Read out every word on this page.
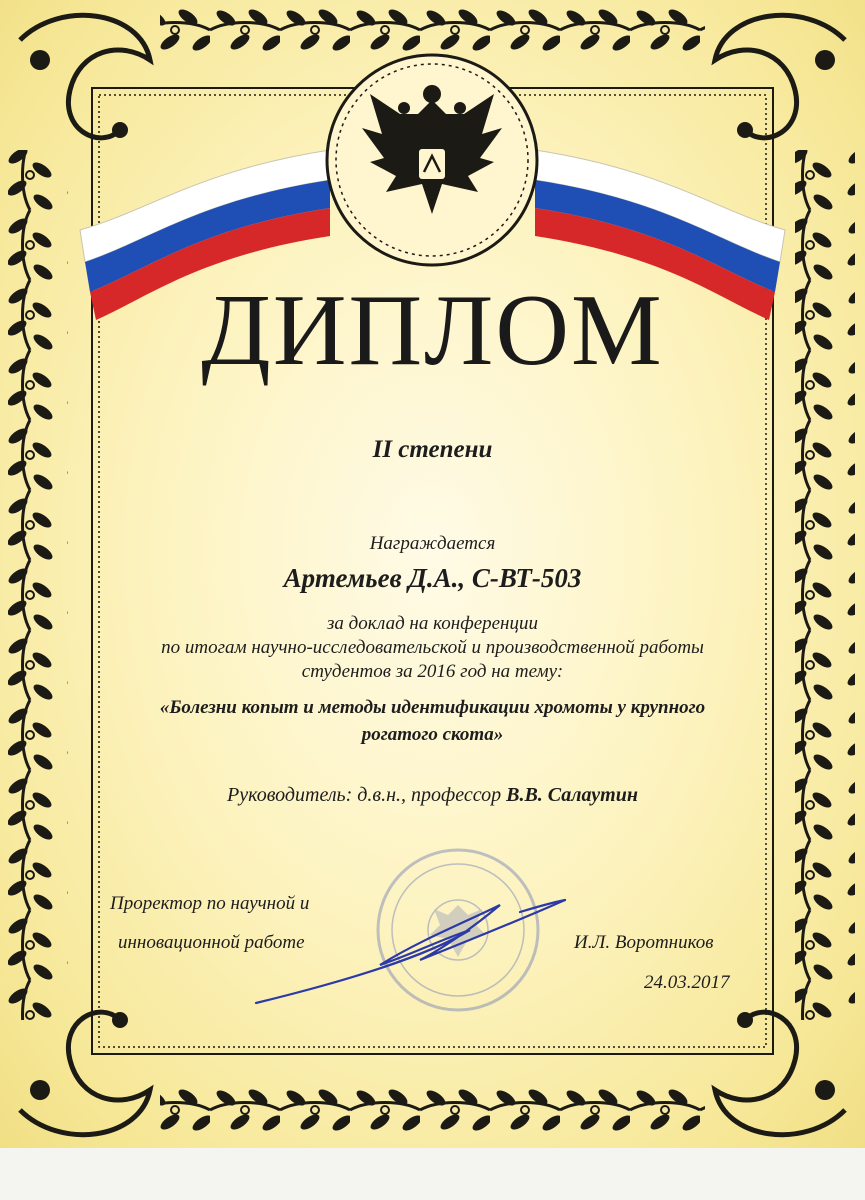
ДИПЛОМ
II степени
Награждается
Артемьев Д.А., С-ВТ-503
за доклад на конференции
по итогам научно-исследовательской и производственной работы
студентов за 2016 год на тему:
«Болезни копыт и методы идентификации хромоты у крупного
рогатого скота»
Руководитель: д.в.н., профессор В.В. Салаутин
Проректор по научной и
инновационной работе	И.Л. Воротников
24.03.2017
